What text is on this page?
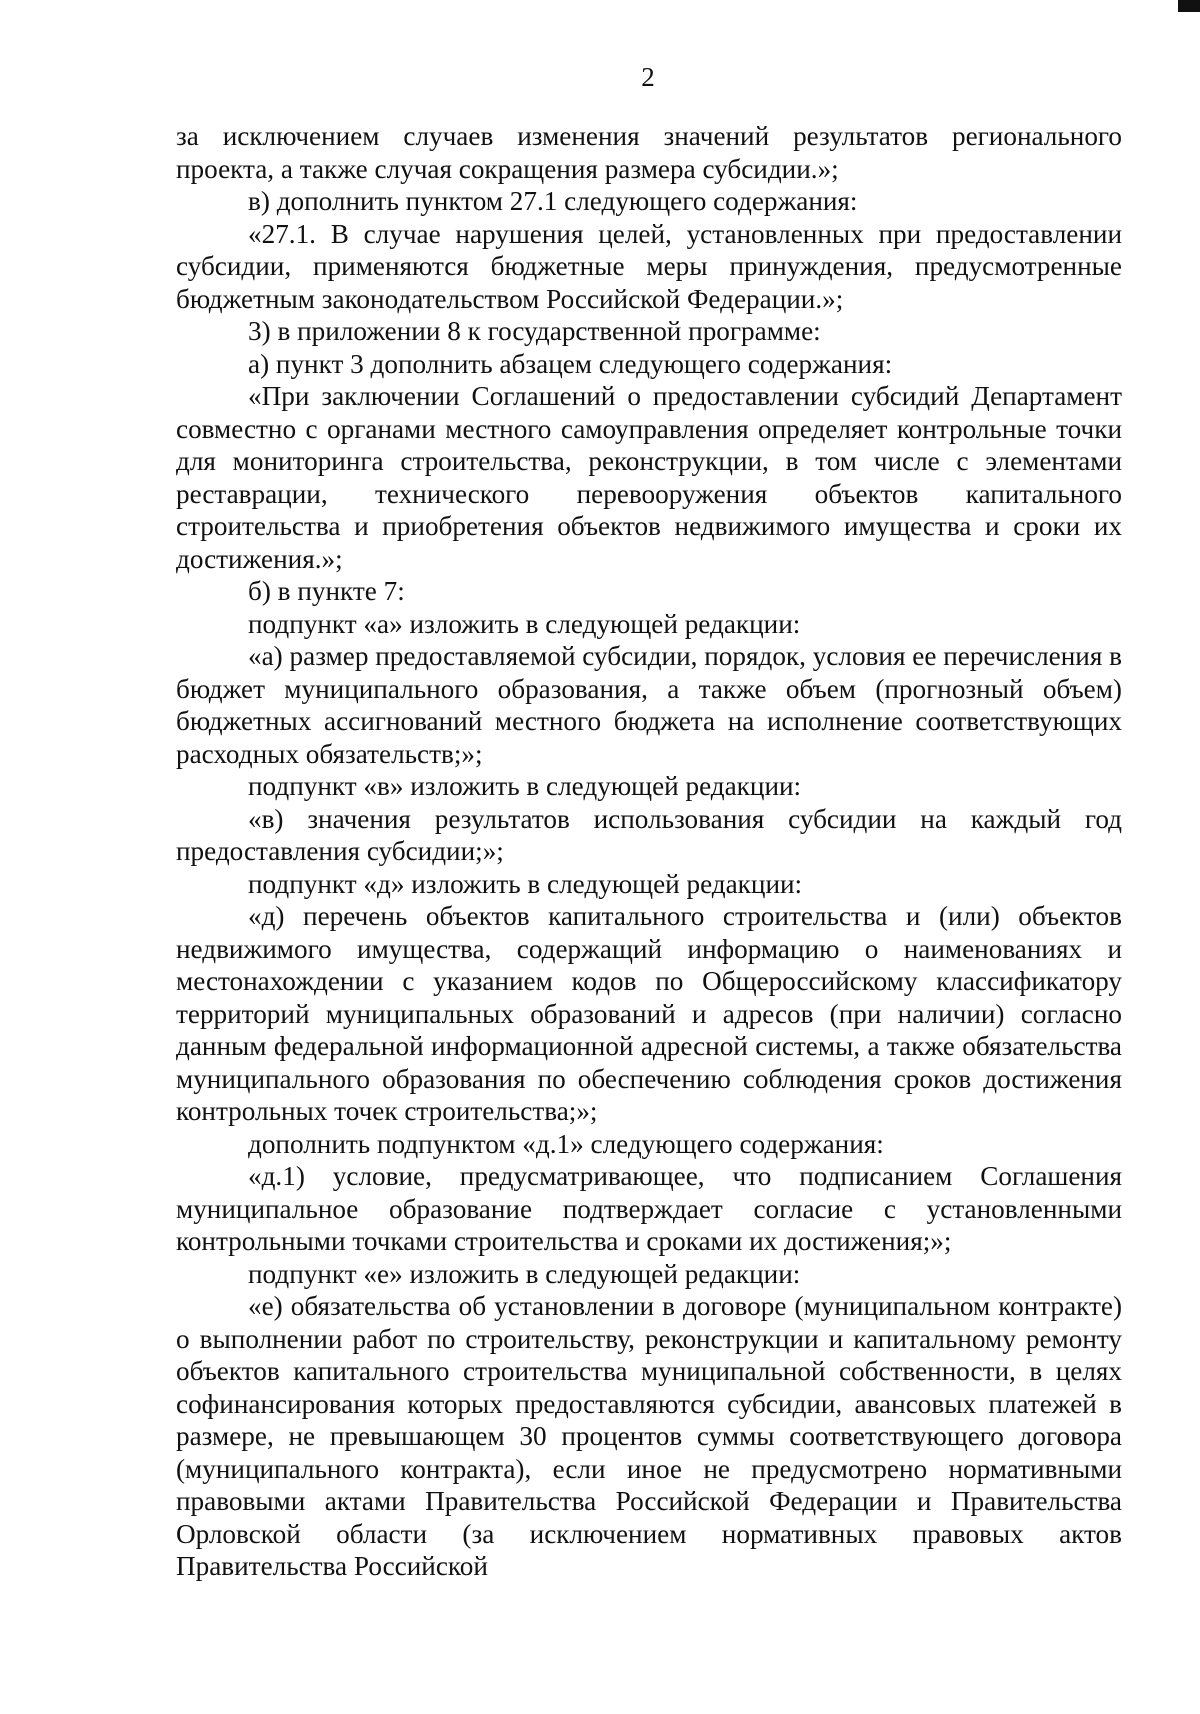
2

за исключением случаев изменения значений результатов регионального проекта, а также случая сокращения размера субсидии.»;

в) дополнить пунктом 27.1 следующего содержания:

«27.1. В случае нарушения целей, установленных при предоставлении субсидии, применяются бюджетные меры принуждения, предусмотренные бюджетным законодательством Российской Федерации.»;

3) в приложении 8 к государственной программе:

а) пункт 3 дополнить абзацем следующего содержания:

«При заключении Соглашений о предоставлении субсидий Департамент совместно с органами местного самоуправления определяет контрольные точки для мониторинга строительства, реконструкции, в том числе с элементами реставрации, технического перевооружения объектов капитального строительства и приобретения объектов недвижимого имущества и сроки их достижения.»;

б) в пункте 7:

подпункт «а» изложить в следующей редакции:

«а) размер предоставляемой субсидии, порядок, условия ее перечисления в бюджет муниципального образования, а также объем (прогнозный объем) бюджетных ассигнований местного бюджета на исполнение соответствующих расходных обязательств;»;

подпункт «в» изложить в следующей редакции:

«в) значения результатов использования субсидии на каждый год предоставления субсидии;»;

подпункт «д» изложить в следующей редакции:

«д) перечень объектов капитального строительства и (или) объектов недвижимого имущества, содержащий информацию о наименованиях и местонахождении с указанием кодов по Общероссийскому классификатору территорий муниципальных образований и адресов (при наличии) согласно данным федеральной информационной адресной системы, а также обязательства муниципального образования по обеспечению соблюдения сроков достижения контрольных точек строительства;»;

дополнить подпунктом «д.1» следующего содержания:

«д.1) условие, предусматривающее, что подписанием Соглашения муниципальное образование подтверждает согласие с установленными контрольными точками строительства и сроками их достижения;»;

подпункт «е» изложить в следующей редакции:

«е) обязательства об установлении в договоре (муниципальном контракте) о выполнении работ по строительству, реконструкции и капитальному ремонту объектов капитального строительства муниципальной собственности, в целях софинансирования которых предоставляются субсидии, авансовых платежей в размере, не превышающем 30 процентов суммы соответствующего договора (муниципального контракта), если иное не предусмотрено нормативными правовыми актами Правительства Российской Федерации и Правительства Орловской области (за исключением нормативных правовых актов Правительства Российской
